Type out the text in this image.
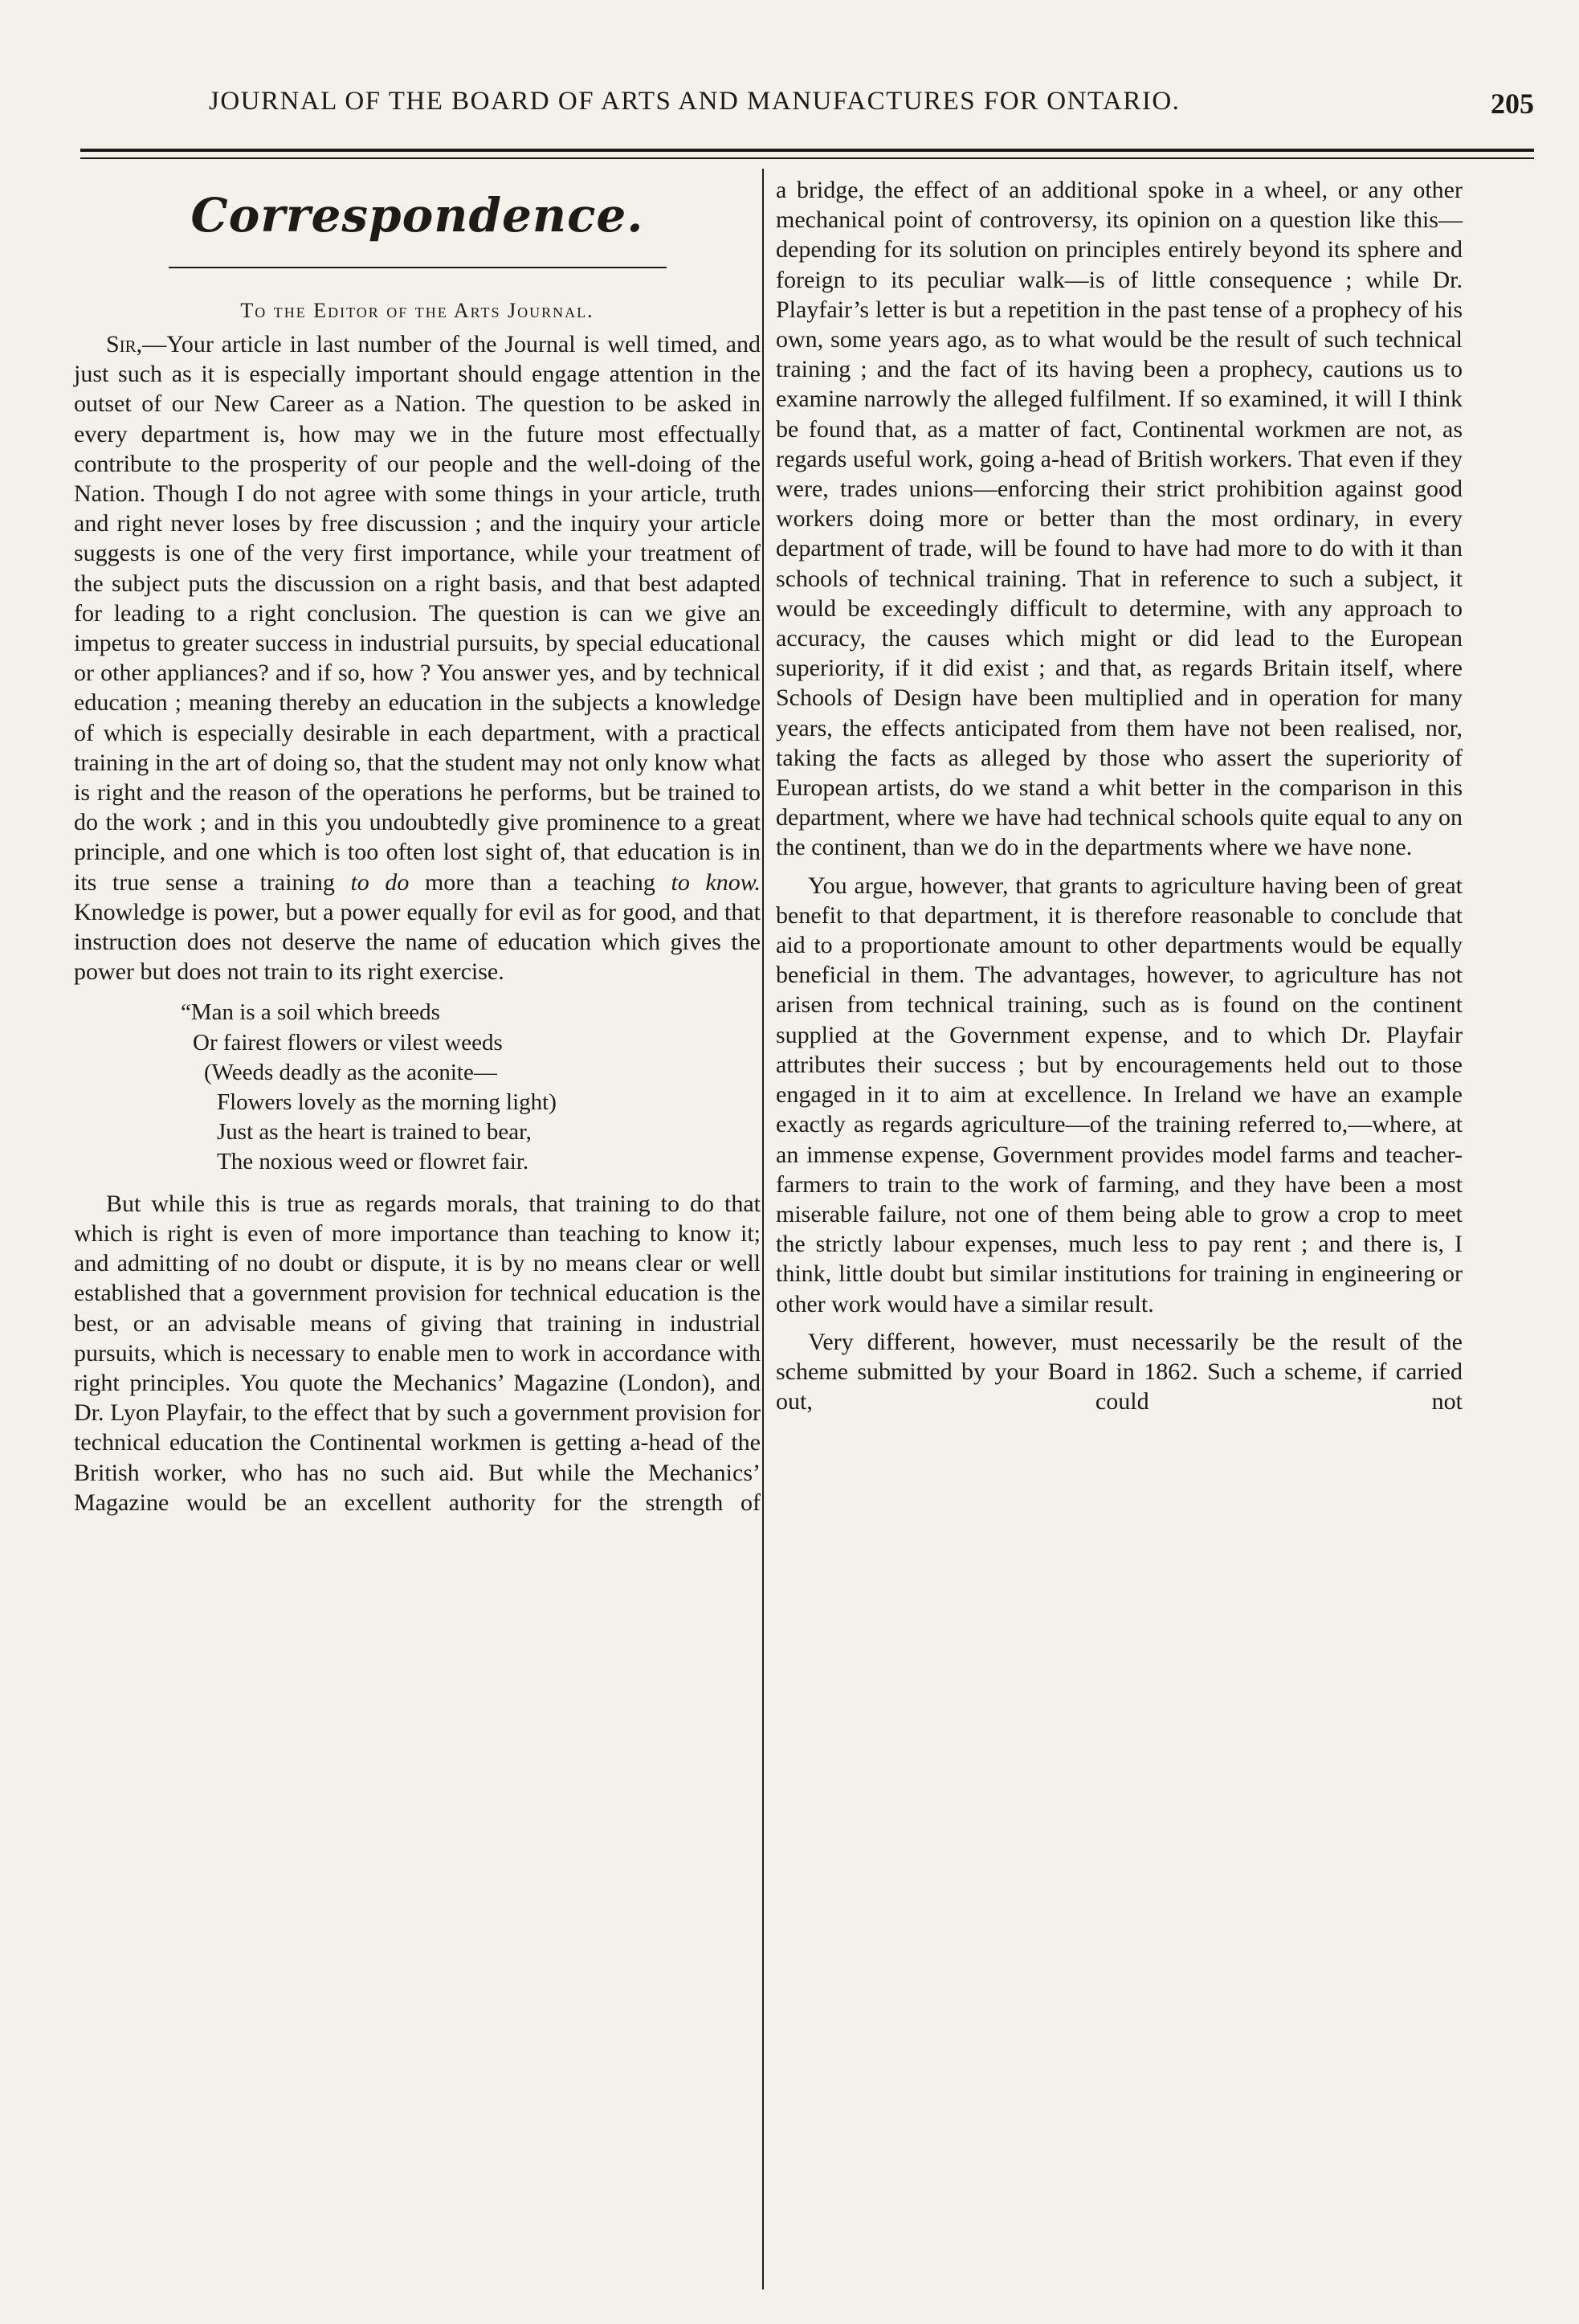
JOURNAL OF THE BOARD OF ARTS AND MANUFACTURES FOR ONTARIO.	205
Correspondence.

To the Editor of the Arts Journal.

Sir,—Your article in last number of the Journal is well timed, and just such as it is especially important should engage attention in the outset of our New Career as a Nation. The question to be asked in every department is, how may we in the future most effectually contribute to the prosperity of our people and the well-doing of the Nation. Though I do not agree with some things in your article, truth and right never loses by free discussion ; and the inquiry your article suggests is one of the very first importance, while your treatment of the subject puts the discussion on a right basis, and that best adapted for leading to a right conclusion. The question is can we give an impetus to greater success in industrial pursuits, by special educational or other appliances? and if so, how ? You answer yes, and by technical education ; meaning thereby an education in the subjects a knowledge of which is especially desirable in each department, with a practical training in the art of doing so, that the student may not only know what is right and the reason of the operations he performs, but be trained to do the work ; and in this you undoubtedly give prominence to a great principle, and one which is too often lost sight of, that education is in its true sense a training to do more than a teaching to know. Knowledge is power, but a power equally for evil as for good, and that instruction does not deserve the name of education which gives the power but does not train to its right exercise.

“Man is a soil which breeds
Or fairest flowers or vilest weeds
(Weeds deadly as the aconite—
Flowers lovely as the morning light)
Just as the heart is trained to bear,
The noxious weed or flowret fair.

But while this is true as regards morals, that training to do that which is right is even of more importance than teaching to know it; and admitting of no doubt or dispute, it is by no means clear or well established that a government provision for technical education is the best, or an advisable means of giving that training in industrial pursuits, which is necessary to enable men to work in accordance with right principles. You quote the Mechanics’ Magazine (London), and Dr. Lyon Playfair, to the effect that by such a government provision for technical education the Continental workmen is getting a-head of the British worker, who has no such aid. But while the Mechanics’ Magazine would be an excellent authority for the strength of

a bridge, the effect of an additional spoke in a wheel, or any other mechanical point of controversy, its opinion on a question like this—depending for its solution on principles entirely beyond its sphere and foreign to its peculiar walk—is of little consequence ; while Dr. Playfair’s letter is but a repetition in the past tense of a prophecy of his own, some years ago, as to what would be the result of such technical training ; and the fact of its having been a prophecy, cautions us to examine narrowly the alleged fulfilment. If so examined, it will I think be found that, as a matter of fact, Continental workmen are not, as regards useful work, going a-head of British workers. That even if they were, trades unions—enforcing their strict prohibition against good workers doing more or better than the most ordinary, in every department of trade, will be found to have had more to do with it than schools of technical training. That in reference to such a subject, it would be exceedingly difficult to determine, with any approach to accuracy, the causes which might or did lead to the European superiority, if it did exist ; and that, as regards Britain itself, where Schools of Design have been multiplied and in operation for many years, the effects anticipated from them have not been realised, nor, taking the facts as alleged by those who assert the superiority of European artists, do we stand a whit better in the comparison in this department, where we have had technical schools quite equal to any on the continent, than we do in the departments where we have none.

You argue, however, that grants to agriculture having been of great benefit to that department, it is therefore reasonable to conclude that aid to a proportionate amount to other departments would be equally beneficial in them. The advantages, however, to agriculture has not arisen from technical training, such as is found on the continent supplied at the Government expense, and to which Dr. Playfair attributes their success ; but by encouragements held out to those engaged in it to aim at excellence. In Ireland we have an example exactly as regards agriculture—of the training referred to,—where, at an immense expense, Government provides model farms and teacher-farmers to train to the work of farming, and they have been a most miserable failure, not one of them being able to grow a crop to meet the strictly labour expenses, much less to pay rent ; and there is, I think, little doubt but similar institutions for training in engineering or other work would have a similar result.

Very different, however, must necessarily be the result of the scheme submitted by your Board in 1862. Such a scheme, if carried out, could not
